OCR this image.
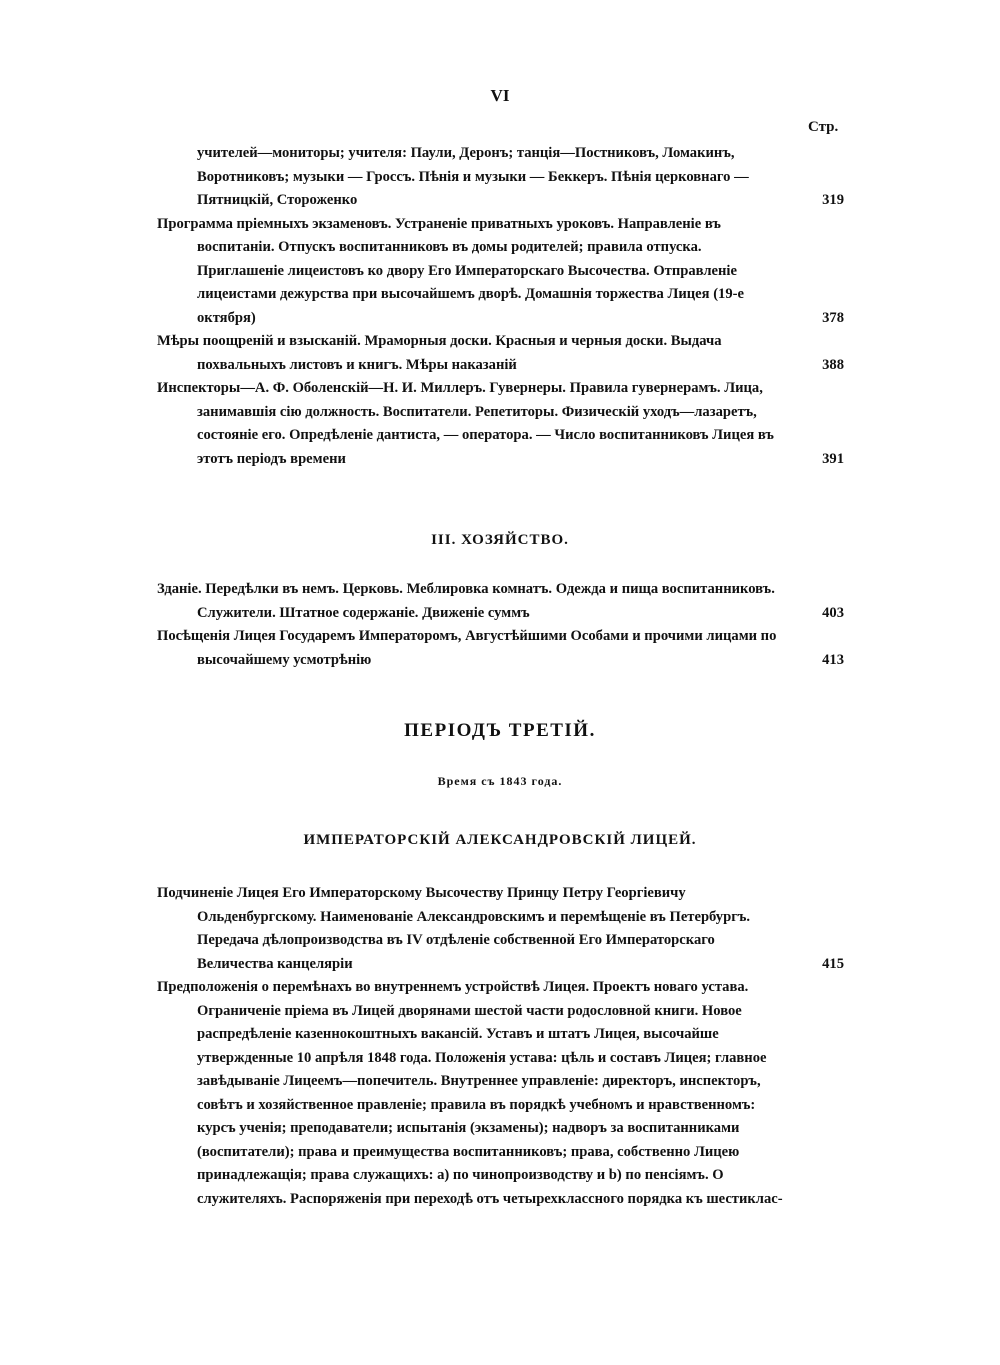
VI
Стр.

учителей—мониторы; учителя: Паули, Деронъ; танція—Постниковъ, Ломакинъ, Воротниковъ; музыки — Гроссъ. Пѣнія и музыки — Беккеръ. Пѣнія церковнаго — Пятницкій, Стороженко	319

Программа пріемныхъ экзаменовъ. Устраненіе приватныхъ уроковъ. Направленіе въ воспитаніи. Отпускъ воспитанниковъ въ домы родителей; правила отпуска. Приглашеніе лицеистовъ ко двору Его Императорскаго Высочества. Отправленіе лицеистами дежурства при высочайшемъ дворѣ. Домашнія торжества Лицея (19-е октября)	378

Мѣры поощреній и взысканій. Мраморныя доски. Красныя и черныя доски. Выдача похвальныхъ листовъ и книгъ. Мѣры наказаній	388

Инспекторы—А. Ф. Оболенскій—Н. И. Миллеръ. Гувернеры. Правила гувернерамъ. Лица, занимавшія сію должность. Воспитатели. Репетиторы. Физическій уходъ—лазаретъ, состояніе его. Опредѣленіе дантиста, — оператора. — Число воспитанниковъ Лицея въ этотъ періодъ времени	391

III. ХОЗЯЙСТВО.

Зданіе. Передѣлки въ немъ. Церковь. Меблировка комнатъ. Одежда и пища воспитанниковъ. Служители. Штатное содержаніе. Движеніе суммъ	403

Посѣщенія Лицея Государемъ Императоромъ, Августѣйшими Особами и прочими лицами по высочайшему усмотрѣнію	413

ПЕРІОДЪ ТРЕТІЙ.
Время съ 1843 года.
ИМПЕРАТОРСКІЙ АЛЕКСАНДРОВСКІЙ ЛИЦЕЙ.

Подчиненіе Лицея Его Императорскому Высочеству Принцу Петру Георгіевичу Ольденбургскому. Наименованіе Александровскимъ и перемѣщеніе въ Петербургъ. Передача дѣлопроизводства въ IV отдѣленіе собственной Его Императорскаго Величества канцеляріи	415

Предположенія о перемѣнахъ во внутреннемъ устройствѣ Лицея. Проектъ новаго устава. Ограниченіе пріема въ Лицей дворянами шестой части родословной книги. Новое распредѣленіе казеннокоштныхъ вакансій. Уставъ и штатъ Лицея, высочайше утвержденные 10 апрѣля 1848 года. Положенія устава: цѣль и составъ Лицея; главное завѣдываніе Лицеемъ—попечитель. Внутреннее управленіе: директоръ, инспекторъ, совѣтъ и хозяйственное правленіе; правила въ порядкѣ учебномъ и нравственномъ: курсъ ученія; преподаватели; испытанія (экзамены); надворъ за воспитанниками (воспитатели); права и преимущества воспитанниковъ; права, собственно Лицею принадлежащія; права служащихъ: а) по чинопроизводству и b) по пенсіямъ. О служителяхъ. Распоряженія при переходѣ отъ четырехклассного порядка къ шестиклас-
